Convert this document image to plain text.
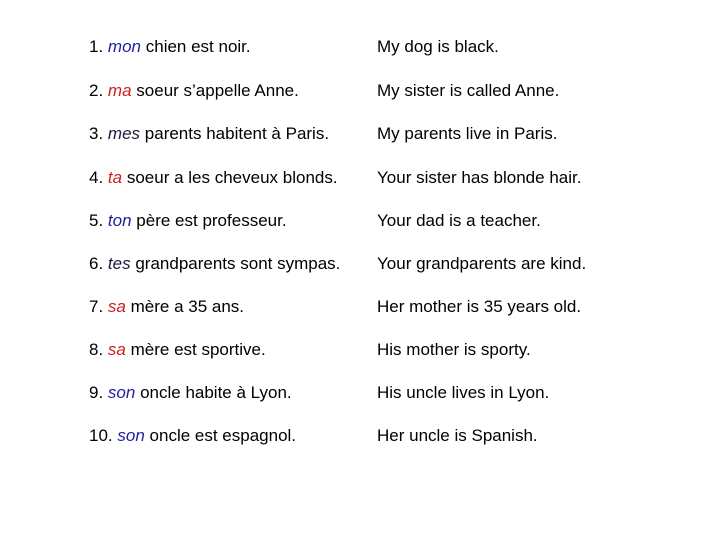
1. mon chien est noir.	My dog is black.
2. ma soeur s’appelle Anne.	My sister is called Anne.
3. mes parents habitent à Paris.	My parents live in Paris.
4. ta soeur a les cheveux blonds. Your sister has blonde hair.
5. ton père est professeur.	Your dad is a teacher.
6. tes grandparents sont sympas. Your grandparents are kind.
7. sa mère a 35 ans.	Her mother is 35 years old.
8. sa mère est sportive.	His mother is sporty.
9. son oncle habite à Lyon.	His uncle lives in Lyon.
10. son oncle est espagnol.	Her uncle is Spanish.
